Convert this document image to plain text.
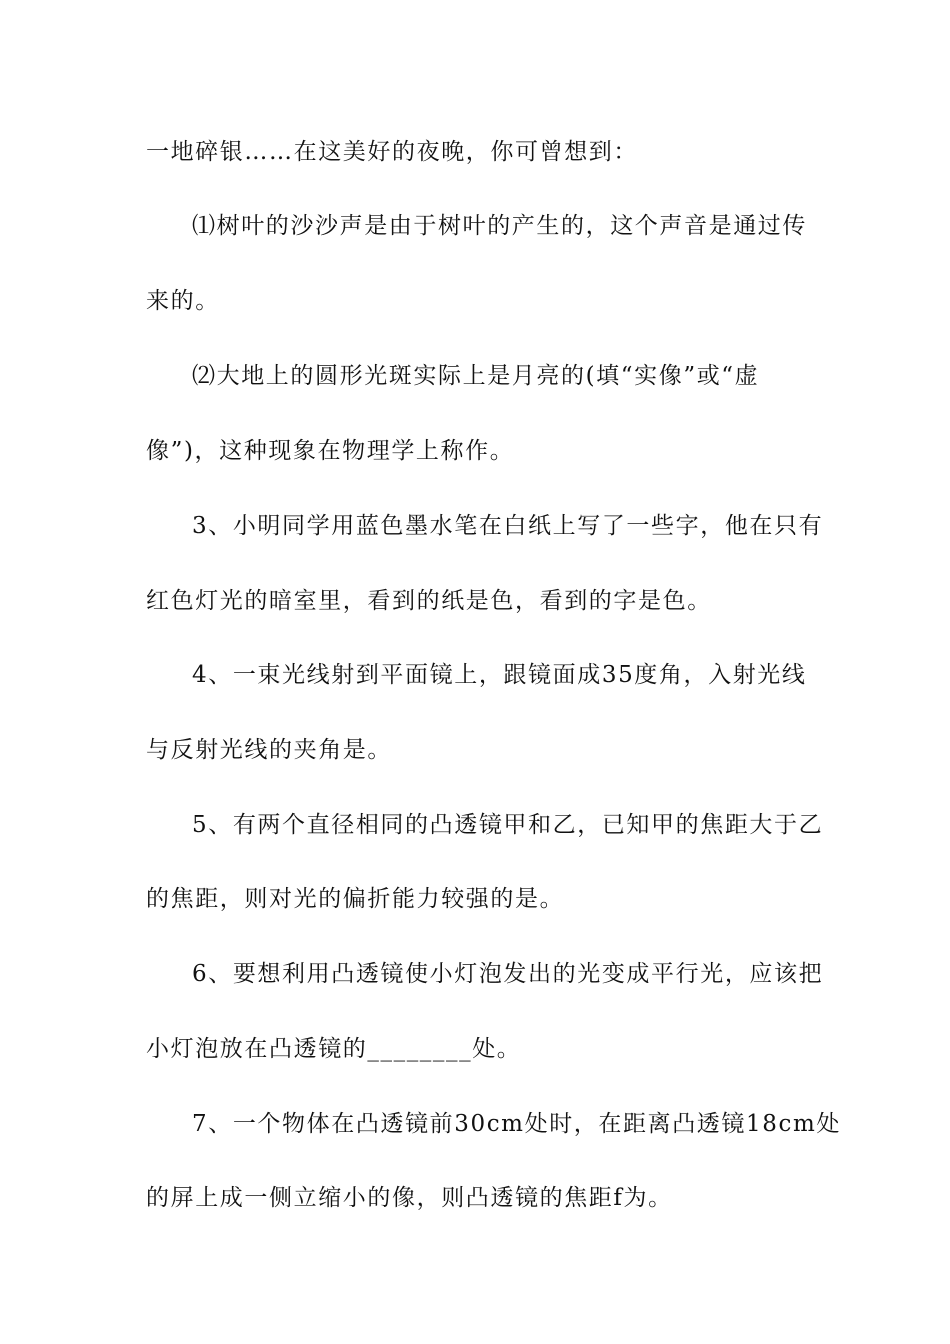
一地碎银……在这美好的夜晚，你可曾想到：
⑴树叶的沙沙声是由于树叶的产生的，这个声音是通过传
来的。
⑵大地上的圆形光斑实际上是月亮的(填“实像”或“虚
像”)，这种现象在物理学上称作。
3、小明同学用蓝色墨水笔在白纸上写了一些字，他在只有
红色灯光的暗室里，看到的纸是色，看到的字是色。
4、一束光线射到平面镜上，跟镜面成35度角，入射光线
与反射光线的夹角是。
5、有两个直径相同的凸透镜甲和乙，已知甲的焦距大于乙
的焦距，则对光的偏折能力较强的是。
6、要想利用凸透镜使小灯泡发出的光变成平行光，应该把
小灯泡放在凸透镜的________处。
7、一个物体在凸透镜前30cm处时，在距离凸透镜18cm处
的屏上成一侧立缩小的像，则凸透镜的焦距f为。
